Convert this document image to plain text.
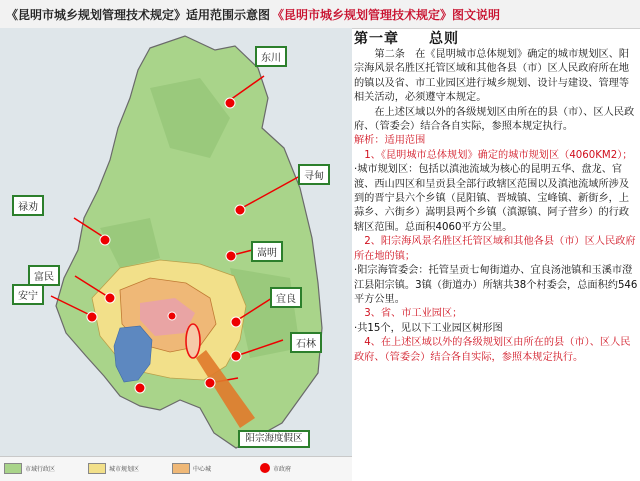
《昆明市城乡规划管理技术规定》适用范围示意图 《昆明市城乡规划管理技术规定》图文说明
东川
禄劝
寻甸
嵩明
富民
安宁	宜良
石林
阳宗海度假区
市域行政区	城市规划区	中心城	市政府
第一章　　总则

第二条　在《昆明城市总体规划》确定的城市规划区、阳宗海风景名胜区托管区域和其他各县（市）区人民政府所在地的镇以及省、市工业园区进行城乡规划、设计与建设、管理等相关活动，必须遵守本规定。

在上述区域以外的各级规划区由所在的县（市）、区人民政府、（管委会）结合各自实际，参照本规定执行。

解析：适用范围

1、《昆明城市总体规划》确定的城市规划区（4060KM2）；

·城市规划区：包括以滇池流域为核心的昆明五华、盘龙、官渡、西山四区和呈贡县全部行政辖区范围以及滇池流域所涉及到的晋宁县六个乡镇（昆阳镇、晋城镇、宝峰镇、新街乡，上蒜乡、六街乡）嵩明县两个乡镇（滇源镇、阿子营乡）的行政辖区范围。总面积4060平方公里。

2、阳宗海风景名胜区托管区域和其他各县（市）区人民政府所在地的镇；

·阳宗海管委会：托管呈贡七甸街道办、宜良汤池镇和玉溪市澄江县阳宗镇。3镇（街道办）所辖共38个村委会，总面积约546平方公里。

3、省、市工业园区；

·共15个，见以下工业园区树形图

4、在上述区域以外的各级规划区由所在的县（市）、区人民政府、（管委会）结合各自实际，参照本规定执行。
